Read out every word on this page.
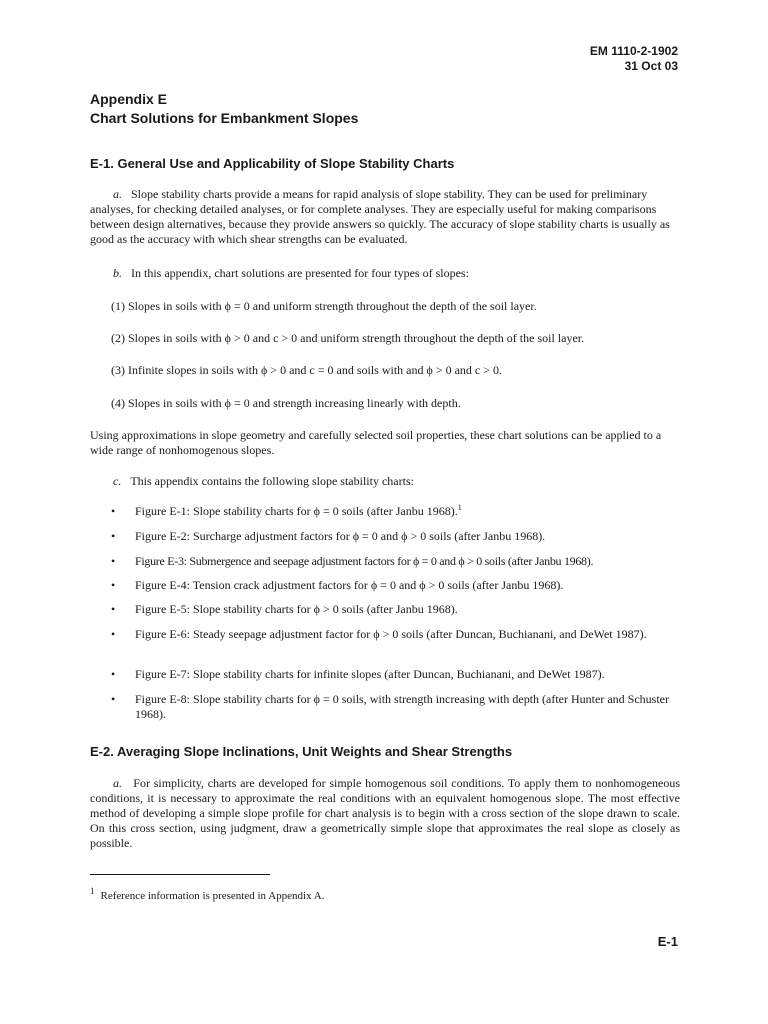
EM 1110-2-1902
31 Oct 03
Appendix E
Chart Solutions for Embankment Slopes
E-1. General Use and Applicability of Slope Stability Charts
a. Slope stability charts provide a means for rapid analysis of slope stability. They can be used for preliminary analyses, for checking detailed analyses, or for complete analyses. They are especially useful for making comparisons between design alternatives, because they provide answers so quickly. The accuracy of slope stability charts is usually as good as the accuracy with which shear strengths can be evaluated.
b. In this appendix, chart solutions are presented for four types of slopes:
(1) Slopes in soils with ϕ = 0 and uniform strength throughout the depth of the soil layer.
(2) Slopes in soils with ϕ > 0 and c > 0 and uniform strength throughout the depth of the soil layer.
(3) Infinite slopes in soils with ϕ > 0 and c = 0 and soils with and ϕ > 0 and c > 0.
(4) Slopes in soils with ϕ = 0 and strength increasing linearly with depth.
Using approximations in slope geometry and carefully selected soil properties, these chart solutions can be applied to a wide range of nonhomogenous slopes.
c. This appendix contains the following slope stability charts:
•	Figure E-1: Slope stability charts for ϕ = 0 soils (after Janbu 1968).$^1$
•	Figure E-2: Surcharge adjustment factors for ϕ = 0 and ϕ > 0 soils (after Janbu 1968).
•	Figure E-3: Submergence and seepage adjustment factors for ϕ = 0 and ϕ > 0 soils (after Janbu 1968).
•	Figure E-4: Tension crack adjustment factors for ϕ = 0 and ϕ > 0 soils (after Janbu 1968).
•	Figure E-5: Slope stability charts for ϕ > 0 soils (after Janbu 1968).
•	Figure E-6: Steady seepage adjustment factor for ϕ > 0 soils (after Duncan, Buchianani, and DeWet 1987).
•	Figure E-7: Slope stability charts for infinite slopes (after Duncan, Buchianani, and DeWet 1987).
•	Figure E-8: Slope stability charts for ϕ = 0 soils, with strength increasing with depth (after Hunter and Schuster 1968).
E-2. Averaging Slope Inclinations, Unit Weights and Shear Strengths
a. For simplicity, charts are developed for simple homogenous soil conditions. To apply them to nonhomogeneous conditions, it is necessary to approximate the real conditions with an equivalent homogenous slope. The most effective method of developing a simple slope profile for chart analysis is to begin with a cross section of the slope drawn to scale. On this cross section, using judgment, draw a geometrically simple slope that approximates the real slope as closely as possible.
$^1$ Reference information is presented in Appendix A.
E-1
